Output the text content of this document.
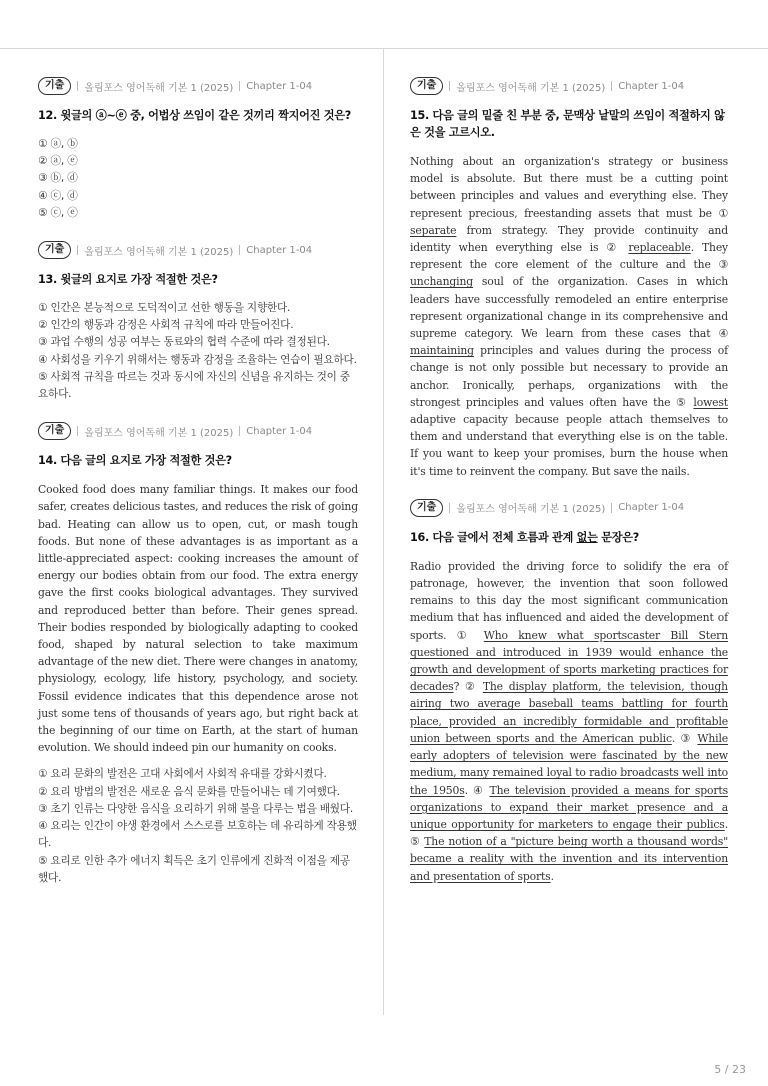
기출	올림포스 영어독해 기본 1 (2025) Chapter 1-04

12. 윗글의 ⓐ~ⓔ 중, 어법상 쓰임이 같은 것끼리 짝지어진 것은?

① ⓐ, ⓑ
② ⓐ, ⓔ
③ ⓑ, ⓓ
④ ⓒ, ⓓ
⑤ ⓒ, ⓔ
기출	올림포스 영어독해 기본 1 (2025) Chapter 1-04

13. 윗글의 요지로 가장 적절한 것은?

① 인간은 본능적으로 도덕적이고 선한 행동을 지향한다.
② 인간의 행동과 감정은 사회적 규칙에 따라 만들어진다.
③ 과업 수행의 성공 여부는 동료와의 협력 수준에 따라 결정된다.
④ 사회성을 키우기 위해서는 행동과 감정을 조율하는 연습이 필요하다.
⑤ 사회적 규칙을 따르는 것과 동시에 자신의 신념을 유지하는 것이 중요하다.
기출	올림포스 영어독해 기본 1 (2025) Chapter 1-04

14. 다음 글의 요지로 가장 적절한 것은?

Cooked food does many familiar things. It makes our food safer, creates delicious tastes, and reduces the risk of going bad. Heating can allow us to open, cut, or mash tough foods. But none of these advantages is as important as a little-appreciated aspect: cooking increases the amount of energy our bodies obtain from our food. The extra energy gave the first cooks biological advantages. They survived and reproduced better than before. Their genes spread. Their bodies responded by biologically adapting to cooked food, shaped by natural selection to take maximum advantage of the new diet. There were changes in anatomy, physiology, ecology, life history, psychology, and society. Fossil evidence indicates that this dependence arose not just some tens of thousands of years ago, but right back at the beginning of our time on Earth, at the start of human evolution. We should indeed pin our humanity on cooks.

① 요리 문화의 발전은 고대 사회에서 사회적 유대를 강화시켰다.
② 요리 방법의 발전은 새로운 음식 문화를 만들어내는 데 기여했다.
③ 초기 인류는 다양한 음식을 요리하기 위해 불을 다루는 법을 배웠다.
④ 요리는 인간이 야생 환경에서 스스로를 보호하는 데 유리하게 작용했다.
⑤ 요리로 인한 추가 에너지 획득은 초기 인류에게 진화적 이점을 제공했다.
기출	올림포스 영어독해 기본 1 (2025) Chapter 1-04

15. 다음 글의 밑줄 친 부분 중, 문맥상 낱말의 쓰임이 적절하지 않은 것을 고르시오.

Nothing about an organization's strategy or business model is absolute. But there must be a cutting point between principles and values and everything else. They represent precious, freestanding assets that must be ① separate from strategy. They provide continuity and identity when everything else is ② replaceable. They represent the core element of the culture and the ③ unchanging soul of the organization. Cases in which leaders have successfully remodeled an entire enterprise represent organizational change in its comprehensive and supreme category. We learn from these cases that ④ maintaining principles and values during the process of change is not only possible but necessary to provide an anchor. Ironically, perhaps, organizations with the strongest principles and values often have the ⑤ lowest adaptive capacity because people attach themselves to them and understand that everything else is on the table. If you want to keep your promises, burn the house when it's time to reinvent the company. But save the nails.

기출	올림포스 영어독해 기본 1 (2025) Chapter 1-04

16. 다음 글에서 전체 흐름과 관계 없는 문장은?

Radio provided the driving force to solidify the era of patronage, however, the invention that soon followed remains to this day the most significant communication medium that has influenced and aided the development of sports. ① Who knew what sportscaster Bill Stern questioned and introduced in 1939 would enhance the growth and development of sports marketing practices for decades? ② The display platform, the television, though airing two average baseball teams battling for fourth place, provided an incredibly formidable and profitable union between sports and the American public. ③ While early adopters of television were fascinated by the new medium, many remained loyal to radio broadcasts well into the 1950s. ④ The television provided a means for sports organizations to expand their market presence and a unique opportunity for marketers to engage their publics. ⑤ The notion of a "picture being worth a thousand words" became a reality with the invention and its intervention and presentation of sports.

5 / 23
